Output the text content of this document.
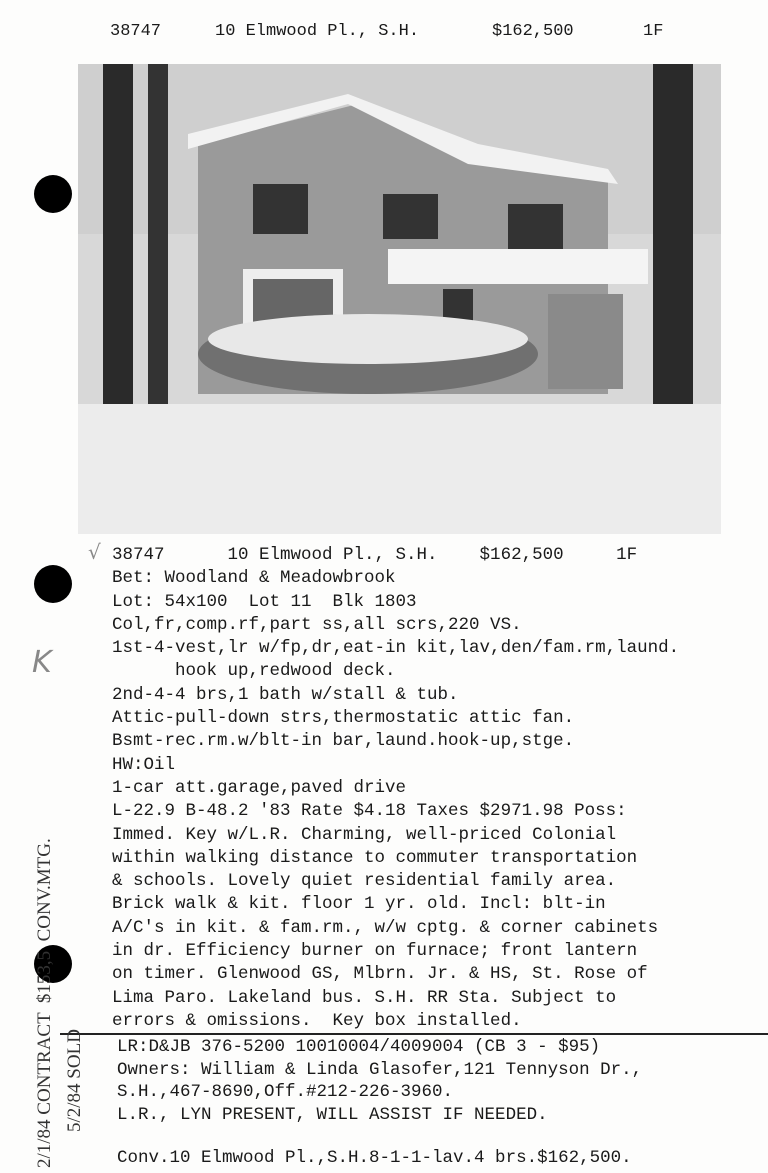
38747	10 Elmwood Pl., S.H.	$162,500	1F
√
K
38747      10 Elmwood Pl., S.H.    $162,500     1F
Bet: Woodland & Meadowbrook
Lot: 54x100  Lot 11  Blk 1803
Col,fr,comp.rf,part ss,all scrs,220 VS.
1st-4-vest,lr w/fp,dr,eat-in kit,lav,den/fam.rm,laund.
hook up,redwood deck.
2nd-4-4 brs,1 bath w/stall & tub.
Attic-pull-down strs,thermostatic attic fan.
Bsmt-rec.rm.w/blt-in bar,laund.hook-up,stge.
HW:Oil
1-car att.garage,paved drive
L-22.9 B-48.2 '83 Rate $4.18 Taxes $2971.98 Poss:
Immed. Key w/L.R. Charming, well-priced Colonial
within walking distance to commuter transportation
& schools. Lovely quiet residential family area.
Brick walk & kit. floor 1 yr. old. Incl: blt-in
A/C's in kit. & fam.rm., w/w cptg. & corner cabinets
in dr. Efficiency burner on furnace; front lantern
on timer. Glenwood GS, Mlbrn. Jr. & HS, St. Rose of
Lima Paro. Lakeland bus. S.H. RR Sta. Subject to
errors & omissions.  Key box installed.
LR:D&JB 376-5200 10010004/4009004 (CB 3 - $95)
Owners: William & Linda Glasofer,121 Tennyson Dr.,
S.H.,467-8690,Off.#212-226-3960.
L.R., LYN PRESENT, WILL ASSIST IF NEEDED.
Conv.10 Elmwood Pl.,S.H.8-1-1-lav.4 brs.$162,500.
2/1/84 CONTRACT  $153,5  CONV.MTG. 5/2/84 SOLD
